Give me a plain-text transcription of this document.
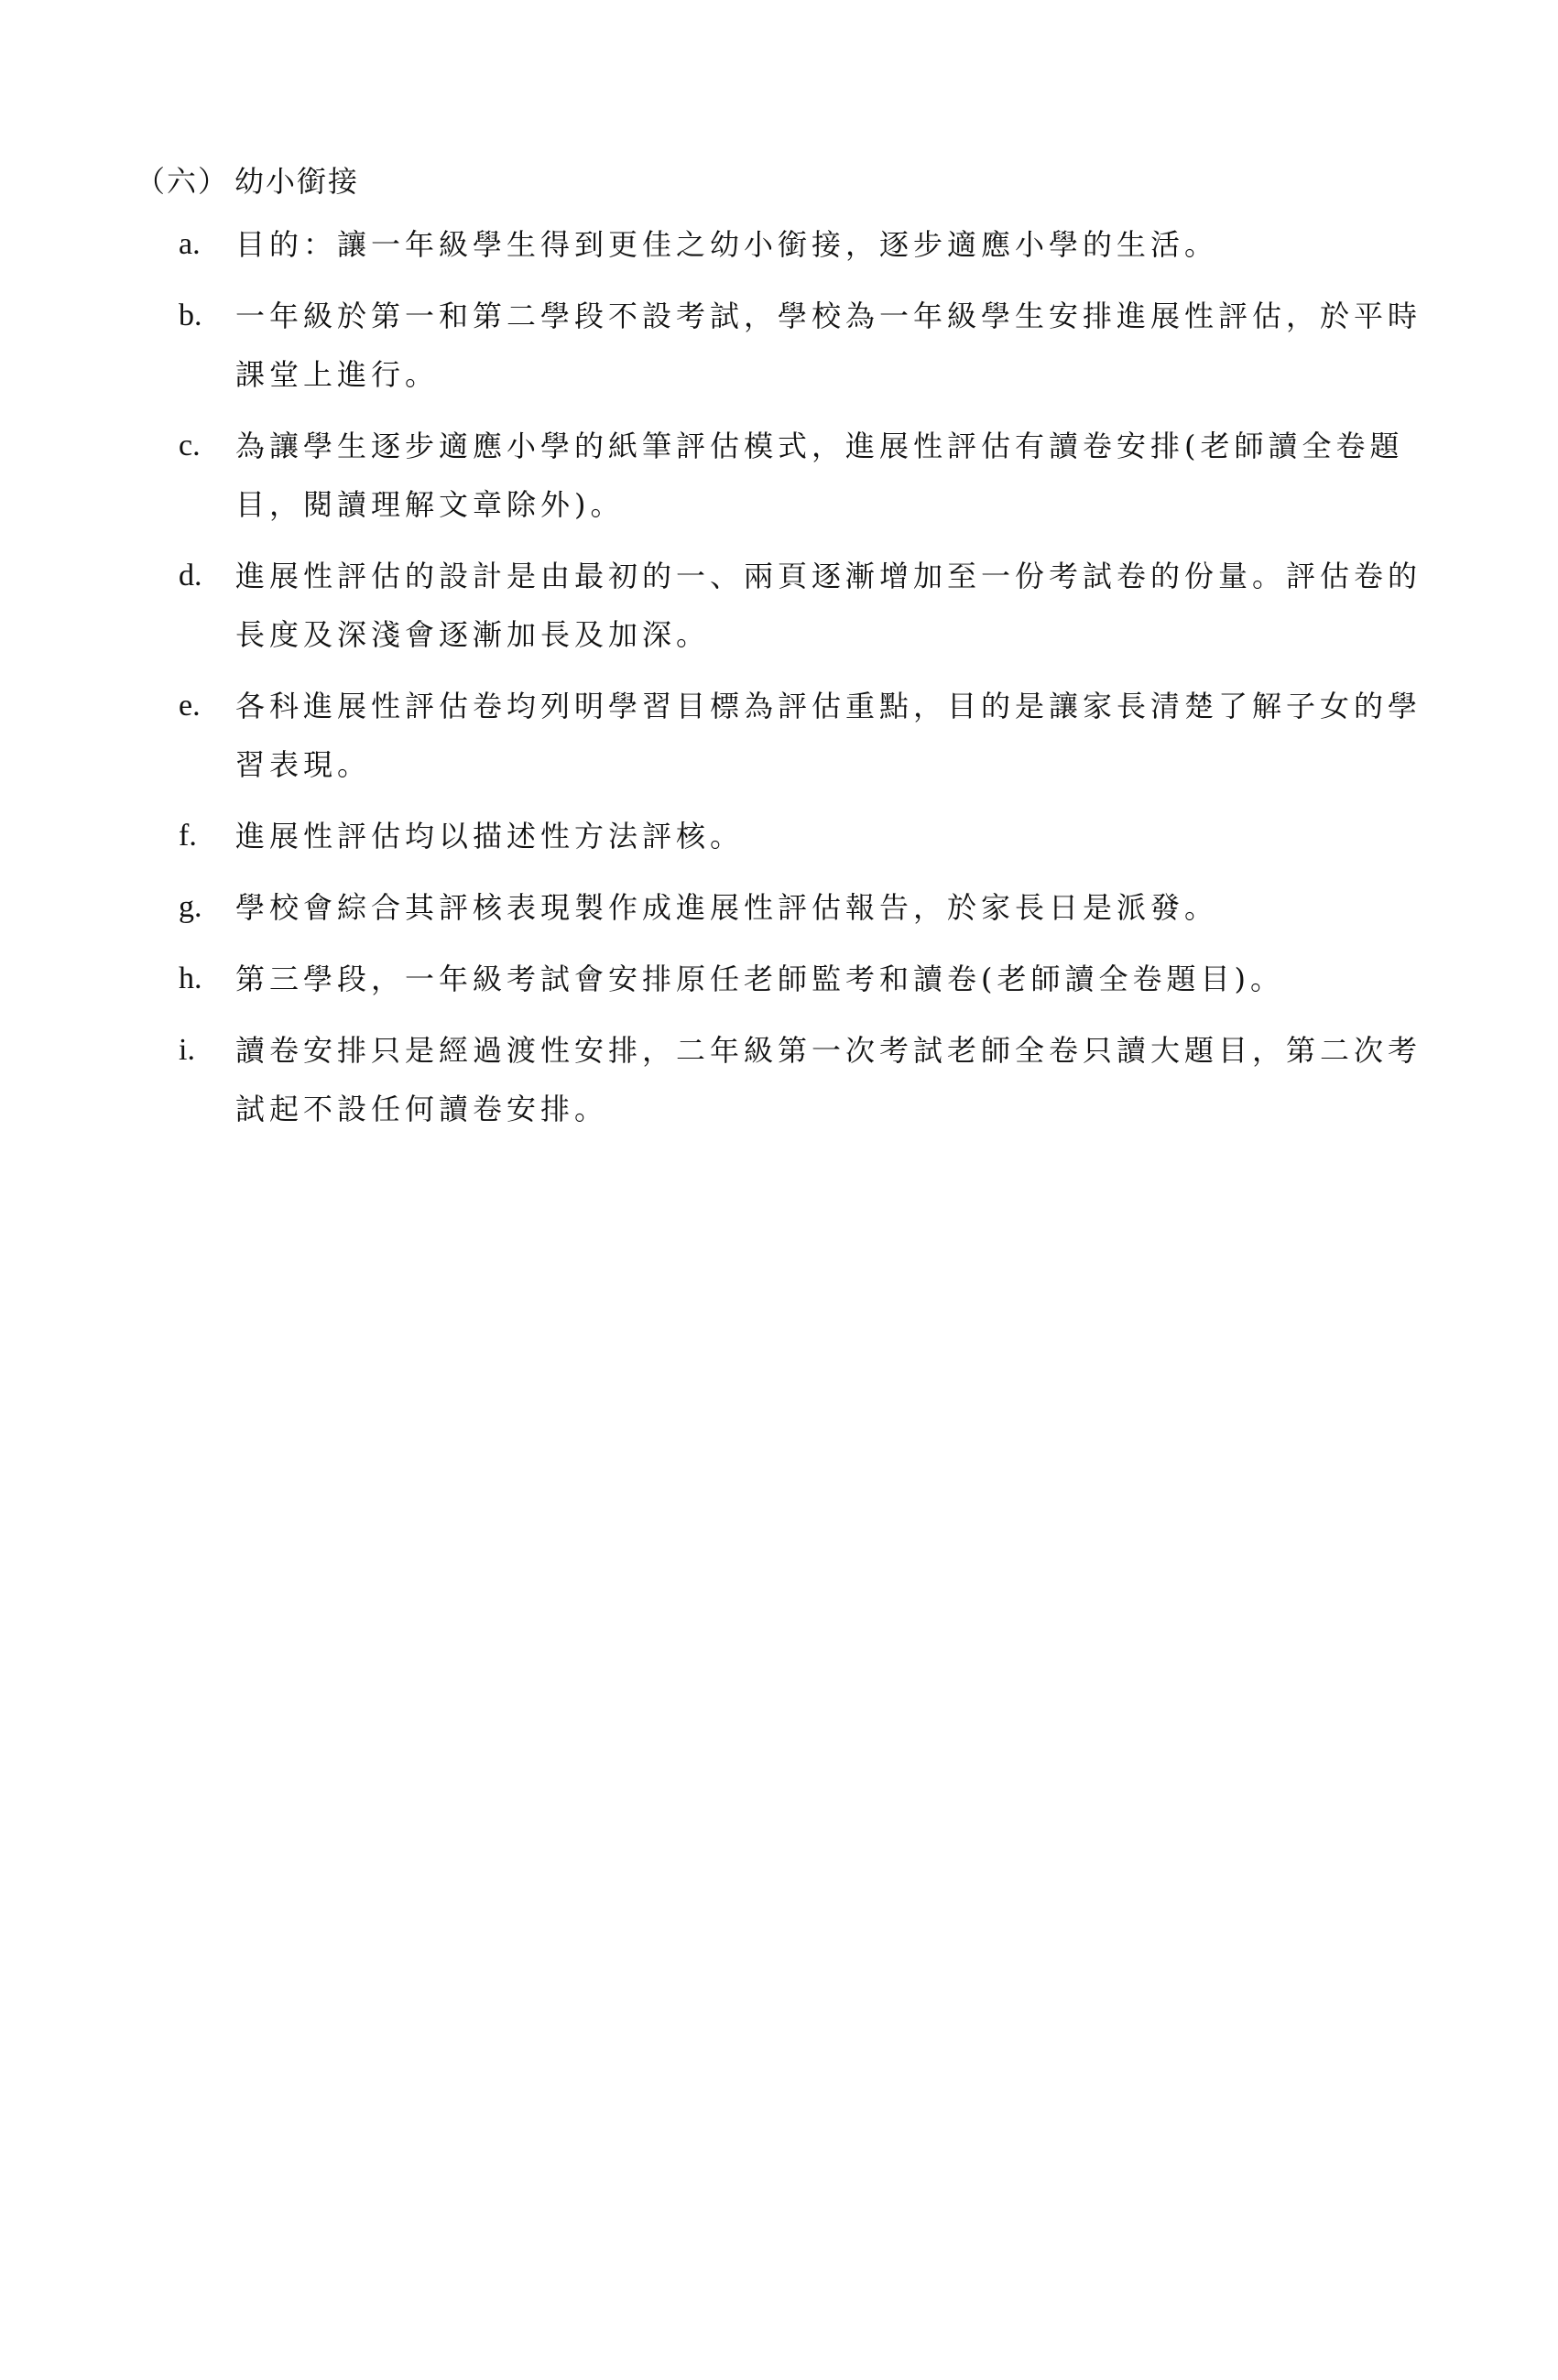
（六） 幼小銜接
a. 目的：讓一年級學生得到更佳之幼小銜接，逐步適應小學的生活。
b. 一年級於第一和第二學段不設考試，學校為一年級學生安排進展性評估，於平時課堂上進行。
c. 為讓學生逐步適應小學的紙筆評估模式，進展性評估有讀卷安排(老師讀全卷題目，閱讀理解文章除外)。
d. 進展性評估的設計是由最初的一、兩頁逐漸增加至一份考試卷的份量。評估卷的長度及深淺會逐漸加長及加深。
e. 各科進展性評估卷均列明學習目標為評估重點，目的是讓家長清楚了解子女的學習表現。
f. 進展性評估均以描述性方法評核。
g. 學校會綜合其評核表現製作成進展性評估報告，於家長日是派發。
h. 第三學段，一年級考試會安排原任老師監考和讀卷(老師讀全卷題目)。
i. 讀卷安排只是經過渡性安排，二年級第一次考試老師全卷只讀大題目，第二次考試起不設任何讀卷安排。
